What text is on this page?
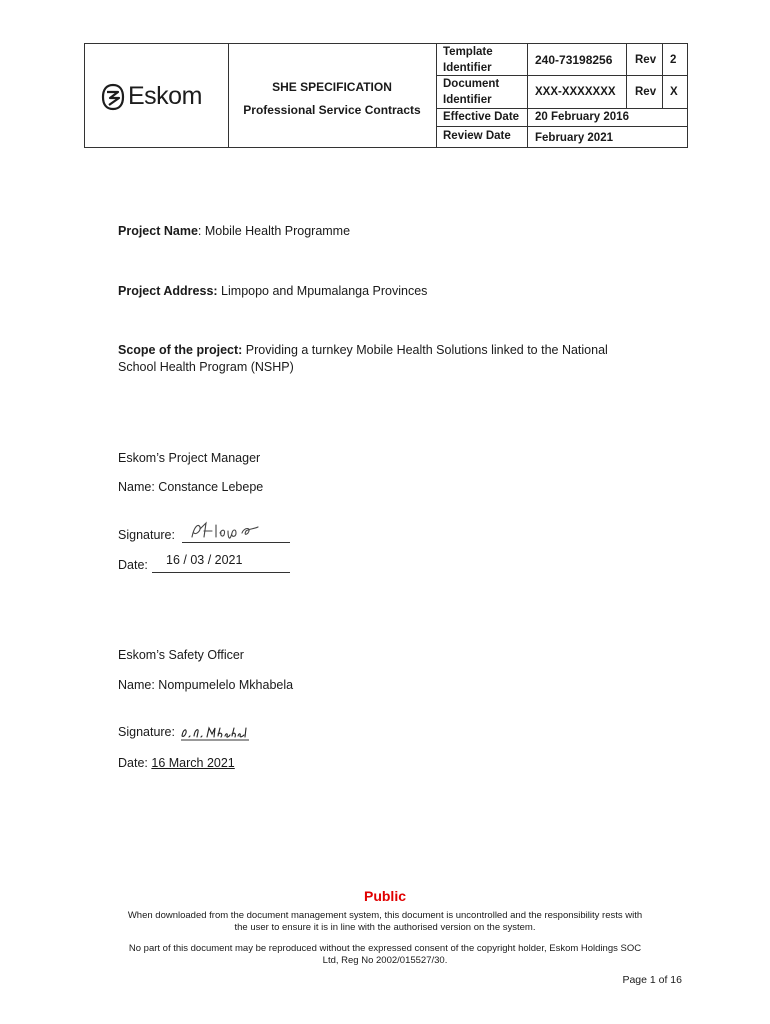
Eskom	SHE SPECIFICATION
Professional Service Contracts
Template Identifier
240-73198256 Rev 2
Document Identifier
XXX-XXXXXXX Rev X
Effective Date 20 February 2016
Review Date February 2021
Project Name: Mobile Health Programme
Project Address: Limpopo and Mpumalanga Provinces
Scope of the project: Providing a turnkey Mobile Health Solutions linked to the National
School Health Program (NSHP)
Eskom’s Project Manager
Name: Constance Lebepe
Signature:
Date: 16 / 03 / 2021
Eskom’s Safety Officer
Name: Nompumelelo Mkhabela
Signature:
Date: 16 March 2021
Public
When downloaded from the document management system, this document is uncontrolled and the responsibility rests with
the user to ensure it is in line with the authorised version on the system.
No part of this document may be reproduced without the expressed consent of the copyright holder, Eskom Holdings SOC
Ltd, Reg No 2002/015527/30.
Page 1 of 16
